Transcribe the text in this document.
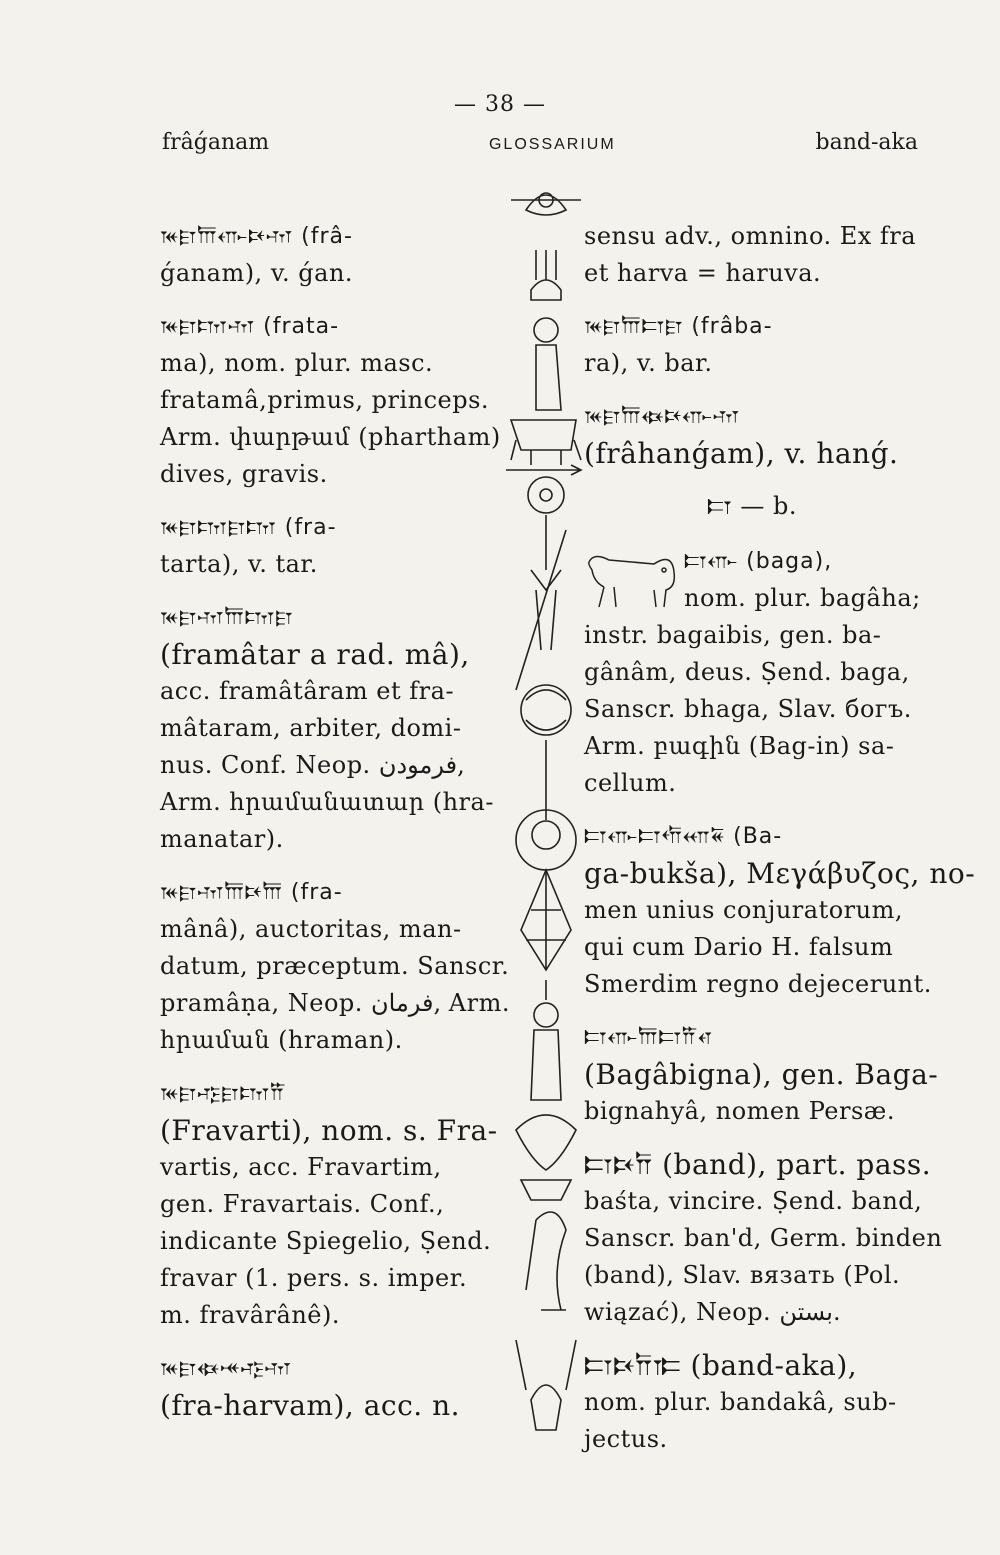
— 38 —
frâǵanam	GLOSSARIUM	band-aka
𐎳𐎼𐎠𐎥𐎴𐎶 (frâ-
ǵanam), v. ǵan.
𐎳𐎼𐎫𐎶 (frata-
ma), nom. plur. masc.
fratamâ,primus, princeps.
Arm. փարթամ (phartham)
dives, gravis.
𐎳𐎼𐎫𐎼𐎫 (fra-
tarta), v. tar.
𐎳𐎼𐎶𐎠𐎫𐎼
(framâtar a rad. mâ),
acc. framâtâram et fra-
mâtaram, arbiter, domi-
nus. Conf. Neop. فرمودن,
Arm. հրամանատար (hra-
manatar).
𐎳𐎼𐎶𐎠𐎴𐎠 (fra-
mânâ), auctoritas, man-
datum, præceptum. Sanscr.
pramâṇa, Neop. فرمان, Arm.
հրաման (hraman).
𐎳𐎼𐎺𐎼𐎫𐎡
(Fravarti), nom. s. Fra-
vartis, acc. Fravartim,
gen. Fravartais. Conf.,
indicante Spiegelio, Ṣend.
fravar (1. pers. s. imper.
m. fravârânê).
𐎳𐎼𐏃𐎽𐎺𐎶
(fra-harvam), acc. n.
sensu adv., omnino. Ex fra
et harva = haruva.
𐎳𐎼𐎠𐎲𐎼 (frâba-
ra), v. bar.
𐎳𐎼𐎠𐏃𐎴𐎥𐎶
(frâhanǵam), v. hanǵ.
𐎲 — b.
𐎲𐎥 (baga),
nom. plur. bagâha;
instr. bagaibis, gen. ba-
gânâm, deus. Ṣend. baga,
Sanscr. bhaga, Slav. богъ.
Arm. բագին (Bag-in) sa-
cellum.
𐎲𐎥𐎲𐎢𐎧𐏁 (Ba-
ga-bukša), Μεγάβυζος, no-
men unius conjuratorum,
qui cum Dario H. falsum
Smerdim regno dejecerunt.
𐎲𐎥𐎠𐎲𐎡𐎤
(Bagâbigna), gen. Baga-
bignahyâ, nomen Persæ.
𐎲𐎴𐎭 (band), part. pass.
baśta, vincire. Ṣend. band,
Sanscr. ban'd, Germ. binden
(band), Slav. вязать (Pol.
wiązać), Neop. بستن.
𐎲𐎴𐎭𐎣 (band-aka),
nom. plur. bandakâ, sub-
jectus.
